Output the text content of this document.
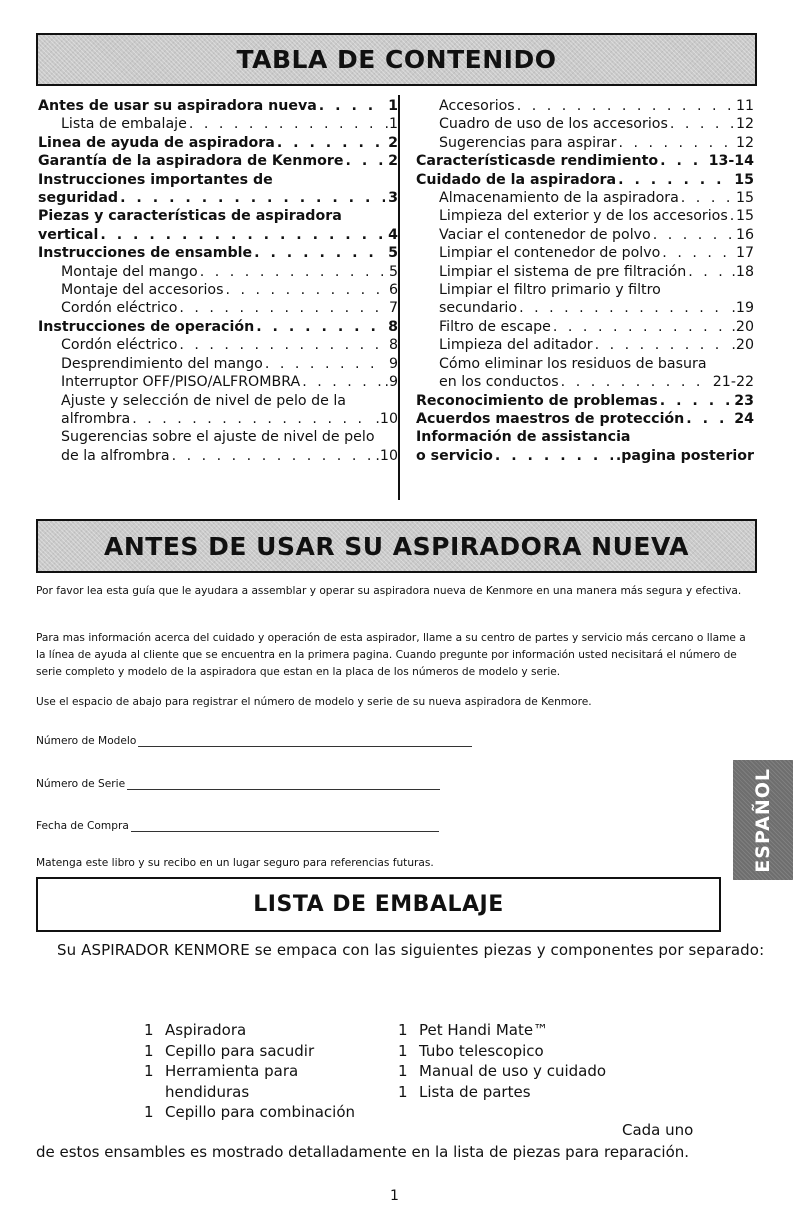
TABLA DE CONTENIDO
Antes de usar su aspiradora nueva . . .	1
Lista de embalaje . . .	.1
Linea de ayuda de aspiradora . . .	2
Garantía de la aspiradora de Kenmore . . .	2
Instrucciones importantes de
seguridad . . .	3
Piezas y características de aspiradora
vertical . . .	4
Instrucciones de ensamble . . .	5
Montaje del mango . . .	5
Montaje del accesorios . . .	6
Cordón eléctrico . . .	7
Instrucciones de operación . . .	8
Cordón eléctrico . . .	8
Desprendimiento del mango . . .	9
Interruptor OFF/PISO/ALFROMBRA . . .	.9
Ajuste y selección de nivel de pelo de la
alfrombra . . .	.10
Sugerencias sobre el ajuste de nivel de pelo
de la alfrombra . . .	.10
Accesorios . . .	11
Cuadro de uso de los accesorios . . .	12
Sugerencias para aspirar . . .	12
Característicasde rendimiento . . .	13-14
Cuidado de la aspiradora . . .	15
Almacenamiento de la aspiradora . . .	15
Limpieza del exterior y de los accesorios . . . 15
Vaciar el contenedor de polvo . . .	16
Limpiar el contenedor de polvo . . .	17
Limpiar el sistema de pre filtración . . .	.18
Limpiar el filtro primario y filtro
secundario . . .	.19
Filtro de escape . . .	.20
Limpieza del aditador . . .	.20
Cómo eliminar los residuos de basura
en los conductos . . .	21-22
Reconocimiento de problemas . . .	23
Acuerdos maestros de protección . . .	24
Información de assistancia
o servicio . . .	.pagina posterior
ANTES DE USAR SU ASPIRADORA NUEVA
Por favor lea esta guía que le ayudara a assemblar y operar su aspiradora nueva de Kenmore en una manera más segura y efectiva.
Para mas información acerca del cuidado y operación de esta aspirador, llame a su centro de partes y servicio más cercano o llame a la línea de ayuda al cliente que se encuentra en la primera pagina. Cuando pregunte por información usted necisitará el número de serie completo y modelo de la aspiradora que estan en la placa de los números de modelo y serie.
Use el espacio de abajo para registrar el número de modelo y serie de su nueva aspiradora de Kenmore.
Número de Modelo
Número de Serie
Fecha de Compra
Matenga este libro y su recibo en un lugar seguro para referencias futuras.	ESPAÑOL
LISTA DE EMBALAJE
Su ASPIRADOR KENMORE se empaca con las siguientes piezas y componentes por separado:
1 Aspiradora
1 Cepillo para sacudir
1 Herramienta para
hendiduras
1 Cepillo para combinación
1 Pet Handi Mate™
1 Tubo telescopico
1 Manual de uso y cuidado
1 Lista de partes
Cada uno
de estos ensambles es mostrado detalladamente en la lista de piezas para reparación.
1
